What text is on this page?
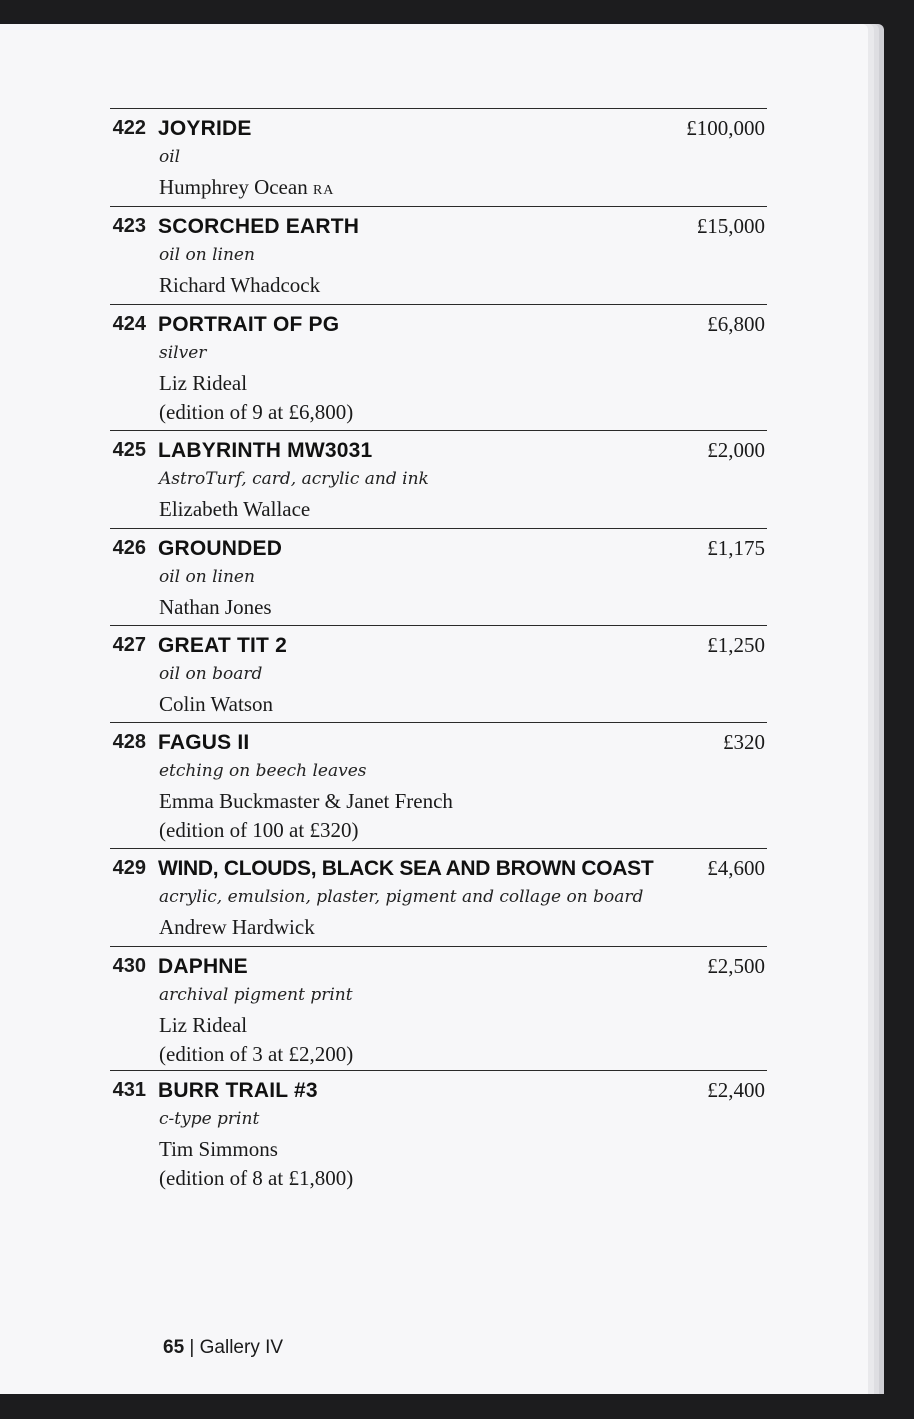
422 JOYRIDE	£100,000
oil
Humphrey Ocean RA
423 SCORCHED EARTH	£15,000
oil on linen
Richard Whadcock
424 PORTRAIT OF PG	£6,800
silver
Liz Rideal
(edition of 9 at £6,800)
425 LABYRINTH MW3031	£2,000
AstroTurf, card, acrylic and ink
Elizabeth Wallace
426 GROUNDED	£1,175
oil on linen
Nathan Jones
427 GREAT TIT 2	£1,250
oil on board
Colin Watson
428 FAGUS II	£320
etching on beech leaves
Emma Buckmaster & Janet French
(edition of 100 at £320)
429 WIND, CLOUDS, BLACK SEA AND BROWN COAST	£4,600
acrylic, emulsion, plaster, pigment and collage on board
Andrew Hardwick
430 DAPHNE	£2,500
archival pigment print
Liz Rideal
(edition of 3 at £2,200)
431 BURR TRAIL #3	£2,400
c-type print
Tim Simmons
(edition of 8 at £1,800)
65 | Gallery IV
